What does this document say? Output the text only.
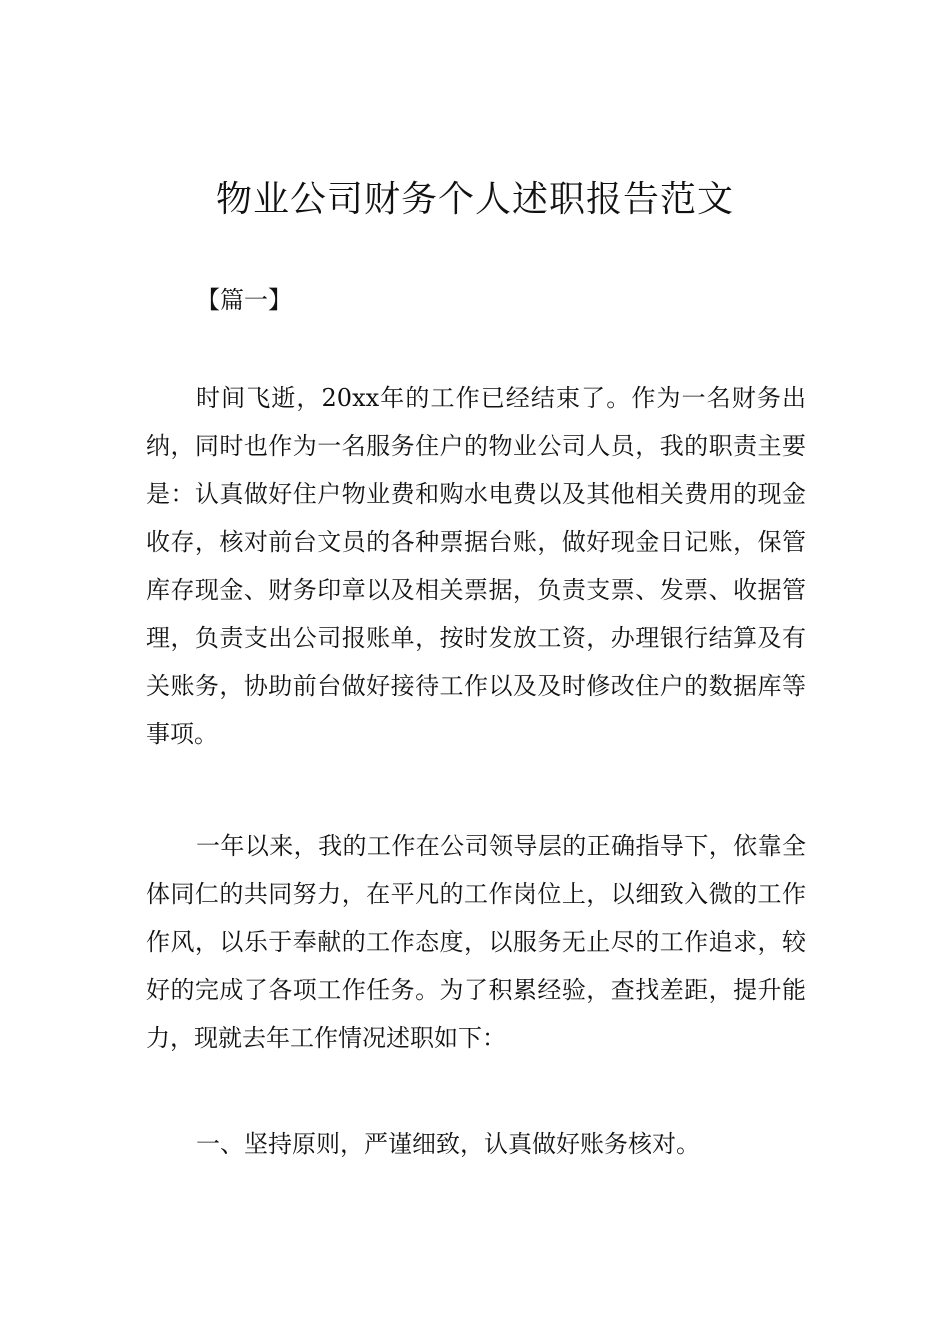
物业公司财务个人述职报告范文

【篇一】

时间飞逝，20xx年的工作已经结束了。作为一名财务出纳，同时也作为一名服务住户的物业公司人员，我的职责主要是：认真做好住户物业费和购水电费以及其他相关费用的现金收存，核对前台文员的各种票据台账，做好现金日记账，保管库存现金、财务印章以及相关票据，负责支票、发票、收据管理，负责支出公司报账单，按时发放工资，办理银行结算及有关账务，协助前台做好接待工作以及及时修改住户的数据库等事项。

一年以来，我的工作在公司领导层的正确指导下，依靠全体同仁的共同努力，在平凡的工作岗位上，以细致入微的工作作风，以乐于奉献的工作态度，以服务无止尽的工作追求，较好的完成了各项工作任务。为了积累经验，查找差距，提升能力，现就去年工作情况述职如下：

一、坚持原则，严谨细致，认真做好账务核对。
